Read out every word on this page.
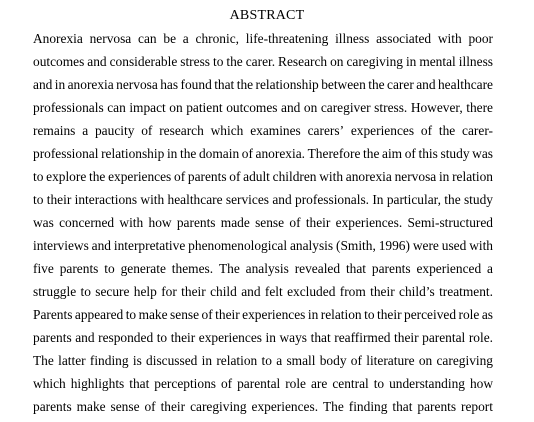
ABSTRACT
Anorexia nervosa can be a chronic, life-threatening illness associated with poor
outcomes and considerable stress to the carer. Research on caregiving in mental illness
and in anorexia nervosa has found that the relationship between the carer and healthcare
professionals can impact on patient outcomes and on caregiver stress. However, there
remains a paucity of research which examines carers’ experiences of the carer-
professional relationship in the domain of anorexia. Therefore the aim of this study was
to explore the experiences of parents of adult children with anorexia nervosa in relation
to their interactions with healthcare services and professionals. In particular, the study
was concerned with how parents made sense of their experiences. Semi-structured
interviews and interpretative phenomenological analysis (Smith, 1996) were used with
five parents to generate themes. The analysis revealed that parents experienced a
struggle to secure help for their child and felt excluded from their child’s treatment.
Parents appeared to make sense of their experiences in relation to their perceived role as
parents and responded to their experiences in ways that reaffirmed their parental role.
The latter finding is discussed in relation to a small body of literature on caregiving
which highlights that perceptions of parental role are central to understanding how
parents make sense of their caregiving experiences. The finding that parents report
